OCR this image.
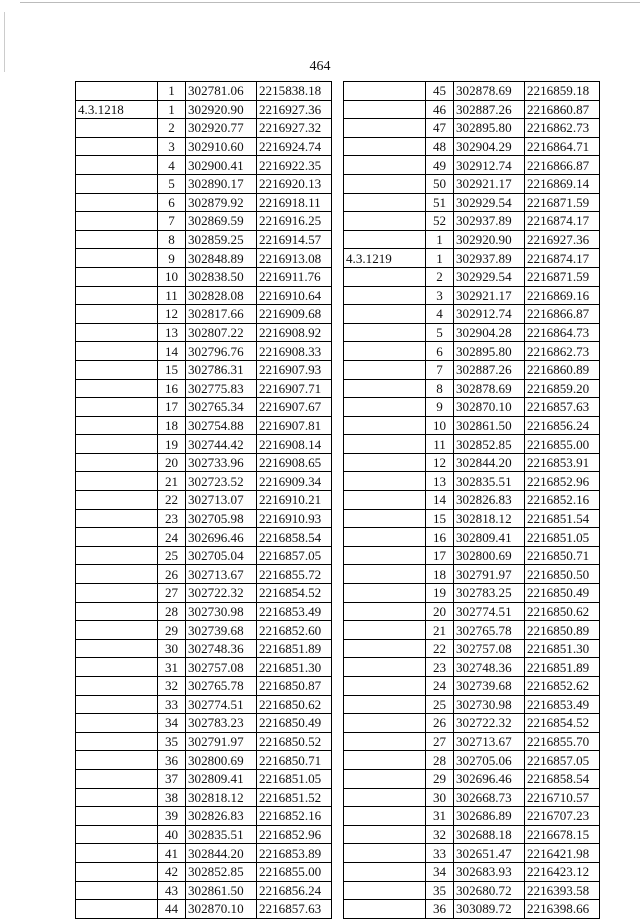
464
	1	302781.06	2215838.18
4.3.1218	1	302920.90	2216927.36
	2	302920.77	2216927.32
	3	302910.60	2216924.74
	4	302900.41	2216922.35
	5	302890.17	2216920.13
	6	302879.92	2216918.11
	7	302869.59	2216916.25
	8	302859.25	2216914.57
	9	302848.89	2216913.08
	10	302838.50	2216911.76
	11	302828.08	2216910.64
	12	302817.66	2216909.68
	13	302807.22	2216908.92
	14	302796.76	2216908.33
	15	302786.31	2216907.93
	16	302775.83	2216907.71
	17	302765.34	2216907.67
	18	302754.88	2216907.81
	19	302744.42	2216908.14
	20	302733.96	2216908.65
	21	302723.52	2216909.34
	22	302713.07	2216910.21
	23	302705.98	2216910.93
	24	302696.46	2216858.54
	25	302705.04	2216857.05
	26	302713.67	2216855.72
	27	302722.32	2216854.52
	28	302730.98	2216853.49
	29	302739.68	2216852.60
	30	302748.36	2216851.89
	31	302757.08	2216851.30
	32	302765.78	2216850.87
	33	302774.51	2216850.62
	34	302783.23	2216850.49
	35	302791.97	2216850.52
	36	302800.69	2216850.71
	37	302809.41	2216851.05
	38	302818.12	2216851.52
	39	302826.83	2216852.16
	40	302835.51	2216852.96
	41	302844.20	2216853.89
	42	302852.85	2216855.00
	43	302861.50	2216856.24
	44	302870.10	2216857.63
	45	302878.69	2216859.18
	46	302887.26	2216860.87
	47	302895.80	2216862.73
	48	302904.29	2216864.71
	49	302912.74	2216866.87
	50	302921.17	2216869.14
	51	302929.54	2216871.59
	52	302937.89	2216874.17
	1	302920.90	2216927.36
4.3.1219	1	302937.89	2216874.17
	2	302929.54	2216871.59
	3	302921.17	2216869.16
	4	302912.74	2216866.87
	5	302904.28	2216864.73
	6	302895.80	2216862.73
	7	302887.26	2216860.89
	8	302878.69	2216859.20
	9	302870.10	2216857.63
	10	302861.50	2216856.24
	11	302852.85	2216855.00
	12	302844.20	2216853.91
	13	302835.51	2216852.96
	14	302826.83	2216852.16
	15	302818.12	2216851.54
	16	302809.41	2216851.05
	17	302800.69	2216850.71
	18	302791.97	2216850.50
	19	302783.25	2216850.49
	20	302774.51	2216850.62
	21	302765.78	2216850.89
	22	302757.08	2216851.30
	23	302748.36	2216851.89
	24	302739.68	2216852.62
	25	302730.98	2216853.49
	26	302722.32	2216854.52
	27	302713.67	2216855.70
	28	302705.06	2216857.05
	29	302696.46	2216858.54
	30	302668.73	2216710.57
	31	302686.89	2216707.23
	32	302688.18	2216678.15
	33	302651.47	2216421.98
	34	302683.93	2216423.12
	35	302680.72	2216393.58
	36	303089.72	2216398.66
